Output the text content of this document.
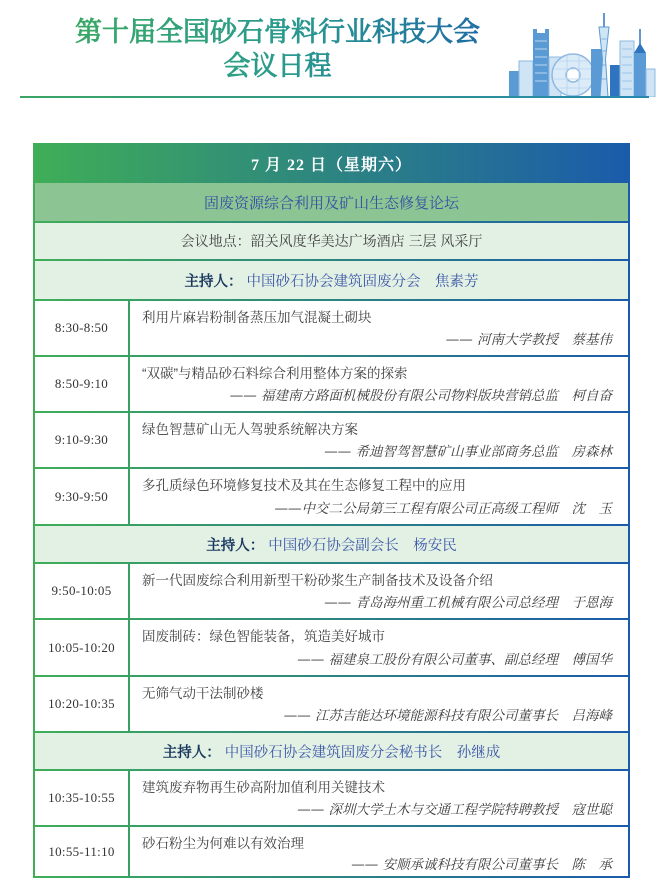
第十届全国砂石骨料行业科技大会
会议日程
7 月 22 日（星期六）
固废资源综合利用及矿山生态修复论坛
会议地点：韶关风度华美达广场酒店 三层 风采厅
主持人： 中国砂石协会建筑固废分会　焦素芳
8:30-8:50
利用片麻岩粉制备蒸压加气混凝土砌块
—— 河南大学教授　蔡基伟
8:50-9:10
“双碳”与精品砂石料综合利用整体方案的探索
—— 福建南方路面机械股份有限公司物料版块营销总监　柯自奋
9:10-9:30
绿色智慧矿山无人驾驶系统解决方案
—— 希迪智驾智慧矿山事业部商务总监　房森林
9:30-9:50
多孔质绿色环境修复技术及其在生态修复工程中的应用
——中交二公局第三工程有限公司正高级工程师　沈　玉
主持人： 中国砂石协会副会长　杨安民
9:50-10:05
新一代固废综合利用新型干粉砂浆生产制备技术及设备介绍
—— 青岛海州重工机械有限公司总经理　于恩海
10:05-10:20
固废制砖：绿色智能装备，筑造美好城市
—— 福建泉工股份有限公司董事、副总经理　傅国华
10:20-10:35
无筛气动干法制砂楼
—— 江苏吉能达环境能源科技有限公司董事长　吕海峰
主持人： 中国砂石协会建筑固废分会秘书长　孙继成
10:35-10:55
建筑废弃物再生砂高附加值利用关键技术
—— 深圳大学土木与交通工程学院特聘教授　寇世聪
10:55-11:10	砂石粉尘为何难以有效治理
—— 安顺承诚科技有限公司董事长　陈　承
